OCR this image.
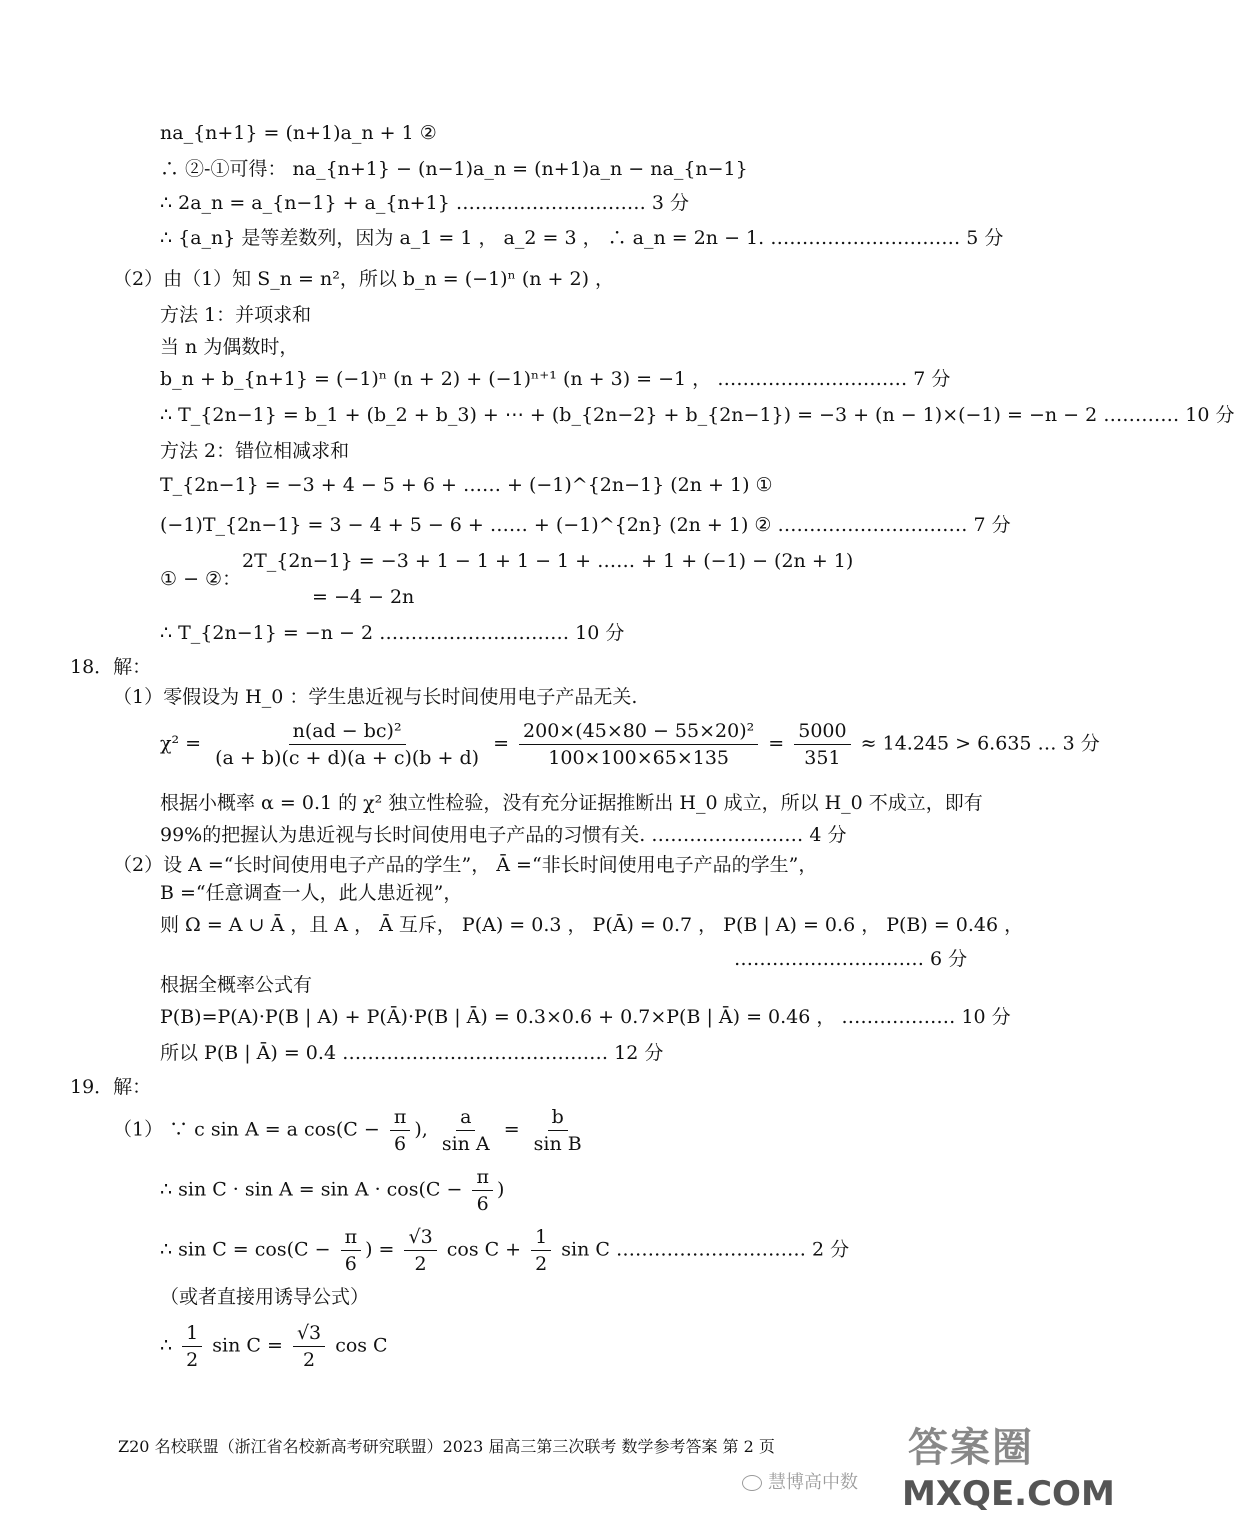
na_{n+1} = (n+1)a_n + 1 ②
∴ ②-①可得： na_{n+1} − (n−1)a_n = (n+1)a_n − na_{n−1}
∴ 2a_n = a_{n−1} + a_{n+1} ………………………… 3 分
∴ {a_n} 是等差数列，因为 a_1 = 1 ， a_2 = 3 ， ∴ a_n = 2n − 1. ………………………… 5 分
（2）由（1）知 S_n = n²，所以 b_n = (−1)ⁿ (n + 2) ，
方法 1：并项求和
当 n 为偶数时，
b_n + b_{n+1} = (−1)ⁿ (n + 2) + (−1)ⁿ⁺¹ (n + 3) = −1 ， ………………………… 7 分
∴ T_{2n−1} = b_1 + (b_2 + b_3) + ⋯ + (b_{2n−2} + b_{2n−1}) = −3 + (n − 1)×(−1) = −n − 2 ………… 10 分
方法 2：错位相减求和
T_{2n−1} = −3 + 4 − 5 + 6 + …… + (−1)^{2n−1} (2n + 1) ①
(−1)T_{2n−1} = 3 − 4 + 5 − 6 + …… + (−1)^{2n} (2n + 1) ② ………………………… 7 分
2T_{2n−1} = −3 + 1 − 1 + 1 − 1 + …… + 1 + (−1) − (2n + 1)
① − ②：
= −4 − 2n
∴ T_{2n−1} = −n − 2 ………………………… 10 分
18．解：
（1）零假设为 H_0 ：学生患近视与长时间使用电子产品无关.
$\chi^2 = \frac{\text{n(ad − bc)²}}{(a + b)(c + d)(a + c)(b + d)} = \frac{\text{200×(45×80 − 55×20)²}}{100\times 100\times 65\times 135} = \frac{5000}{351} \approx 14.245 > 6.635$ … 3 分
根据小概率 α = 0.1 的 χ² 独立性检验，没有充分证据推断出 H_0 成立，所以 H_0 不成立，即有
99%的把握认为患近视与长时间使用电子产品的习惯有关. …………………… 4 分
（2）设 A =“长时间使用电子产品的学生”， Ā =“非长时间使用电子产品的学生”，
B =“任意调查一人，此人患近视”，
则 Ω = A ∪ Ā ，且 A ， Ā 互斥， P(A) = 0.3 ， P(Ā) = 0.7 ， P(B | A) = 0.6 ， P(B) = 0.46 ，
………………………… 6 分
根据全概率公式有
P(B)=P(A)·P(B | A) + P(Ā)·P(B | Ā) = 0.3×0.6 + 0.7×P(B | Ā) = 0.46 ， ……………… 10 分
所以 P(B | Ā) = 0.4 …………………………………… 12 分
19．解：
（1） ∵ c sin A = a $\cos(C - \frac{\pi}{6}$ ), $\frac{a}{\text{sin A}} = \frac{b}{\text{sin B}}$
∴ $\sin C \cdot \sin A = \sin A \cdot \cos(C - \frac{\pi}{6}$ )
∴ $\sin C = \cos(C - \frac{\pi}{6}$ ) = $\frac{√3}{2}$ $\cos C + \frac{1}{2}$ sin C ………………………… 2 分
（或者直接用诱导公式）
∴ $\frac{1}{2}$ $\sin C = \frac{√3}{2}$ cos C
Z20 名校联盟（浙江省名校新高考研究联盟）2023 届高三第三次联考 数学参考答案 第 2 页
慧博高中数
答案圈
MXQE.COM
